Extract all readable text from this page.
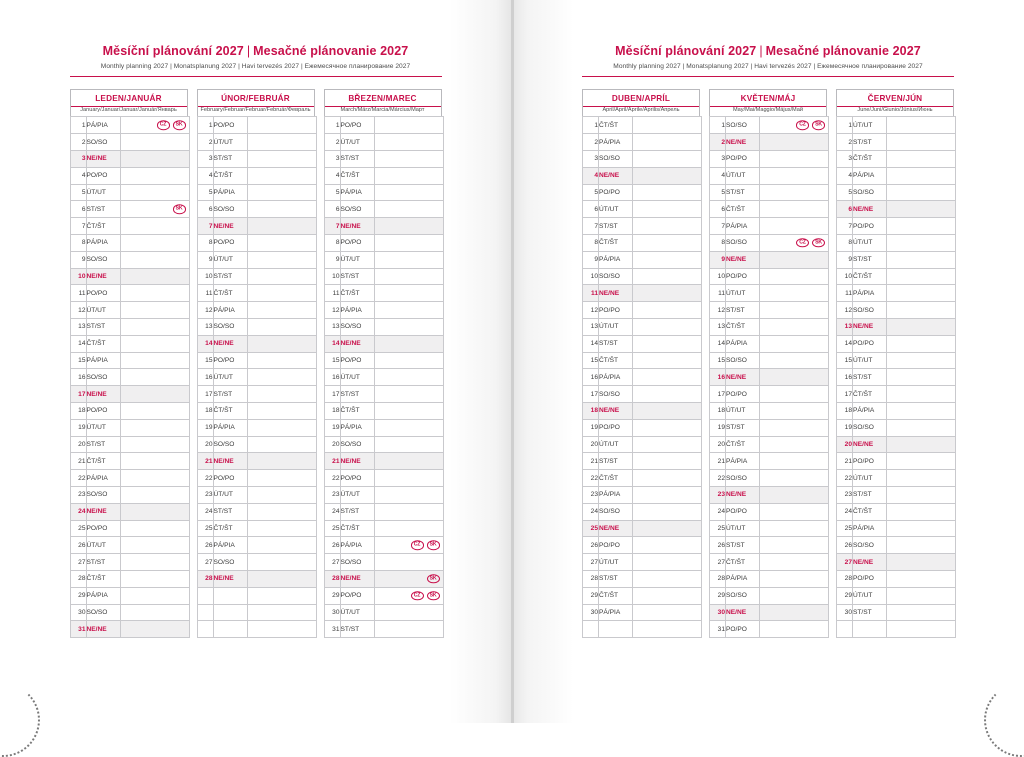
Měsíční plánování 2027 | Mesačné plánovanie 2027
Monthly planning 2027 | Monatsplanung 2027 | Havi tervezés 2027 | Ежемесячное планирование 2027
LEDEN/JANUÁR
January/Januar/Januar/Január/Январь
1	PÁ/PIA	CZ SK

2	SO/SO	
3	NE/NE	
4	PO/PO	
5	ÚT/UT	
6	ST/ST	SK

7	ČT/ŠT	
8	PÁ/PIA	
9	SO/SO	
10	NE/NE	
11	PO/PO	
12	ÚT/UT	
13	ST/ST	
14	ČT/ŠT	
15	PÁ/PIA	
16	SO/SO	
17	NE/NE	
18	PO/PO	
19	ÚT/UT	
20	ST/ST	
21	ČT/ŠT	
22	PÁ/PIA	
23	SO/SO	
24	NE/NE	
25	PO/PO	
26	ÚT/UT	
27	ST/ST	
28	ČT/ŠT	
29	PÁ/PIA	
30	SO/SO	
31	NE/NE	
ÚNOR/FEBRUÁR
February/Februar/Februar/Február/Февраль
1	PO/PO	
2	ÚT/UT	
3	ST/ST	
4	ČT/ŠT	
5	PÁ/PIA	
6	SO/SO	
7	NE/NE	
8	PO/PO	
9	ÚT/UT	
10	ST/ST	
11	ČT/ŠT	
12	PÁ/PIA	
13	SO/SO	
14	NE/NE	
15	PO/PO	
16	ÚT/UT	
17	ST/ST	
18	ČT/ŠT	
19	PÁ/PIA	
20	SO/SO	
21	NE/NE	
22	PO/PO	
23	ÚT/UT	
24	ST/ST	
25	ČT/ŠT	
26	PÁ/PIA	
27	SO/SO	
28	NE/NE	

BŘEZEN/MAREC
March/März/Marcia/Március/Март
1	PO/PO	
2	ÚT/UT	
3	ST/ST	
4	ČT/ŠT	
5	PÁ/PIA	
6	SO/SO	
7	NE/NE	
8	PO/PO	
9	ÚT/UT	
10	ST/ST	
11	ČT/ŠT	
12	PÁ/PIA	
13	SO/SO	
14	NE/NE	
15	PO/PO	
16	ÚT/UT	
17	ST/ST	
18	ČT/ŠT	
19	PÁ/PIA	
20	SO/SO	
21	NE/NE	
22	PO/PO	
23	ÚT/UT	
24	ST/ST	
25	ČT/ŠT	
26	PÁ/PIA	CZ SK

27	SO/SO	
28	NE/NE	SK

29	PO/PO	CZ SK

30	ÚT/UT	
31	ST/ST	
Měsíční plánování 2027 | Mesačné plánovanie 2027
Monthly planning 2027 | Monatsplanung 2027 | Havi tervezés 2027 | Ежемесячное планирование 2027
DUBEN/APRÍL
April/April/Aprile/Április/Апрель
1	ČT/ŠT	
2	PÁ/PIA	
3	SO/SO	
4	NE/NE	
5	PO/PO	
6	ÚT/UT	
7	ST/ST	
8	ČT/ŠT	
9	PÁ/PIA	
10	SO/SO	
11	NE/NE	
12	PO/PO	
13	ÚT/UT	
14	ST/ST	
15	ČT/ŠT	
16	PÁ/PIA	
17	SO/SO	
18	NE/NE	
19	PO/PO	
20	ÚT/UT	
21	ST/ST	
22	ČT/ŠT	
23	PÁ/PIA	
24	SO/SO	
25	NE/NE	
26	PO/PO	
27	ÚT/UT	
28	ST/ST	
29	ČT/ŠT	
30	PÁ/PIA	

KVĚTEN/MÁJ
May/Mai/Maggio/Május/Май
1	SO/SO	CZ SK

2	NE/NE	
3	PO/PO	
4	ÚT/UT	
5	ST/ST	
6	ČT/ŠT	
7	PÁ/PIA	
8	SO/SO	CZ SK

9	NE/NE	
10	PO/PO	
11	ÚT/UT	
12	ST/ST	
13	ČT/ŠT	
14	PÁ/PIA	
15	SO/SO	
16	NE/NE	
17	PO/PO	
18	ÚT/UT	
19	ST/ST	
20	ČT/ŠT	
21	PÁ/PIA	
22	SO/SO	
23	NE/NE	
24	PO/PO	
25	ÚT/UT	
26	ST/ST	
27	ČT/ŠT	
28	PÁ/PIA	
29	SO/SO	
30	NE/NE	
31	PO/PO	
ČERVEN/JÚN
June/Juni/Giunio/Június/Июнь
1	ÚT/UT	
2	ST/ST	
3	ČT/ŠT	
4	PÁ/PIA	
5	SO/SO	
6	NE/NE	
7	PO/PO	
8	ÚT/UT	
9	ST/ST	
10	ČT/ŠT	
11	PÁ/PIA	
12	SO/SO	
13	NE/NE	
14	PO/PO	
15	ÚT/UT	
16	ST/ST	
17	ČT/ŠT	
18	PÁ/PIA	
19	SO/SO	
20	NE/NE	
21	PO/PO	
22	ÚT/UT	
23	ST/ST	
24	ČT/ŠT	
25	PÁ/PIA	
26	SO/SO	
27	NE/NE	
28	PO/PO	
29	ÚT/UT	
30	ST/ST	
